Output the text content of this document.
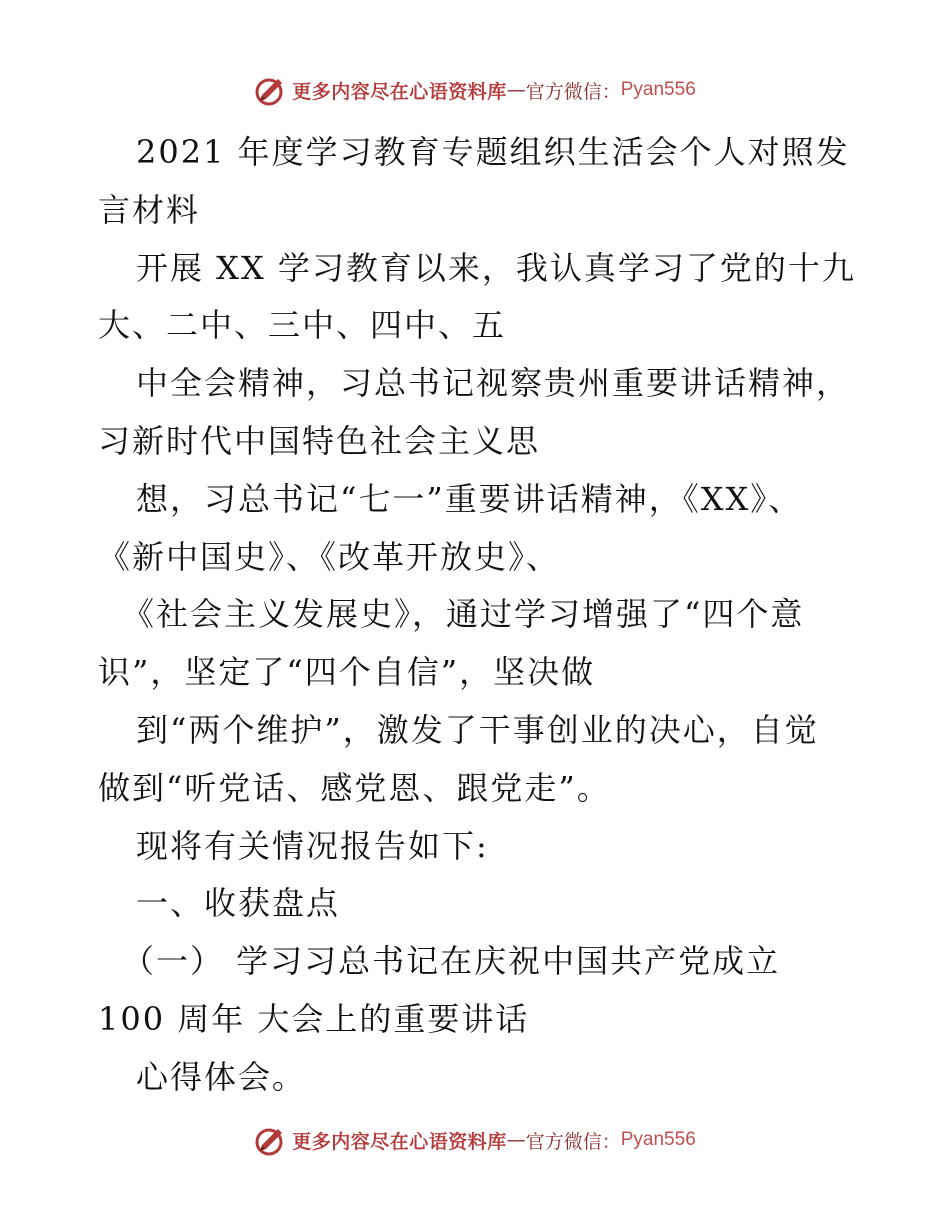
更多内容尽在心语资料库 — 官方微信： Pyan556
2021 年度学习教育专题组织生活会个人对照发
言材料
开展 XX 学习教育以来，我认真学习了党的十九
大、二中、三中、四中、五
中全会精神，习总书记视察贵州重要讲话精神，
习新时代中国特色社会主义思
想，习总书记“七一”重要讲话精神，《XX》、
《新中国史》、《改革开放史》、
《社会主义发展史》，通过学习增强了“四个意
识”，坚定了“四个自信”，坚决做
到“两个维护”，激发了干事创业的决心，自觉
做到“听党话、感党恩、跟党走”。
现将有关情况报告如下:
一、收获盘点
（一） 学习习总书记在庆祝中国共产党成立
100 周年 大会上的重要讲话
心得体会。
更多内容尽在心语资料库 — 官方微信： Pyan556
